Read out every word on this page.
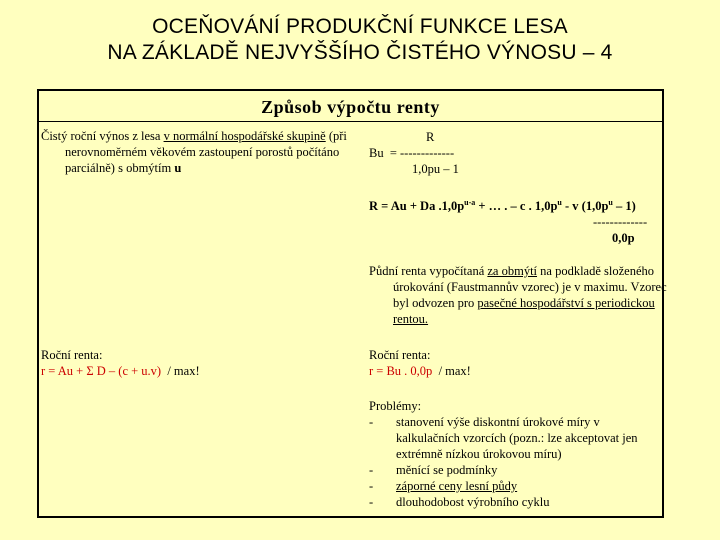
OCEŇOVÁNÍ PRODUKČNÍ FUNKCE LESA
NA ZÁKLADĚ NEJVYŠŠÍHO ČISTÉHO VÝNOSU – 4
Způsob výpočtu renty
Čistý roční výnos z lesa v normální hospodářské skupině (při nerovnoměrném věkovém zastoupení porostů počítáno parciálně) s obmýtím u
Roční renta:
r = Au + Σ D – (c + u.v)  / max!
R
Bu  = -------------
1,0pu – 1
R = Au + Da $.1,0p^{u-a}$ + … . – c . $1,0p^u$ - v $(1,0p^u - 1)$
-------------
0,0p
Půdní renta vypočítaná za obmýtí na podkladě složeného úrokování (Faustmannův vzorec) je v maximu. Vzorec byl odvozen pro pasečné hospodářství s periodickou rentou.
Roční renta:
r = Bu . 0,0p  / max!
Problémy:
- stanovení výše diskontní úrokové míry v kalkulačních vzorcích (pozn.: lze akceptovat jen extrémně nízkou úrokovou míru)
- měnící se podmínky
- záporné ceny lesní půdy
- dlouhodobost výrobního cyklu
